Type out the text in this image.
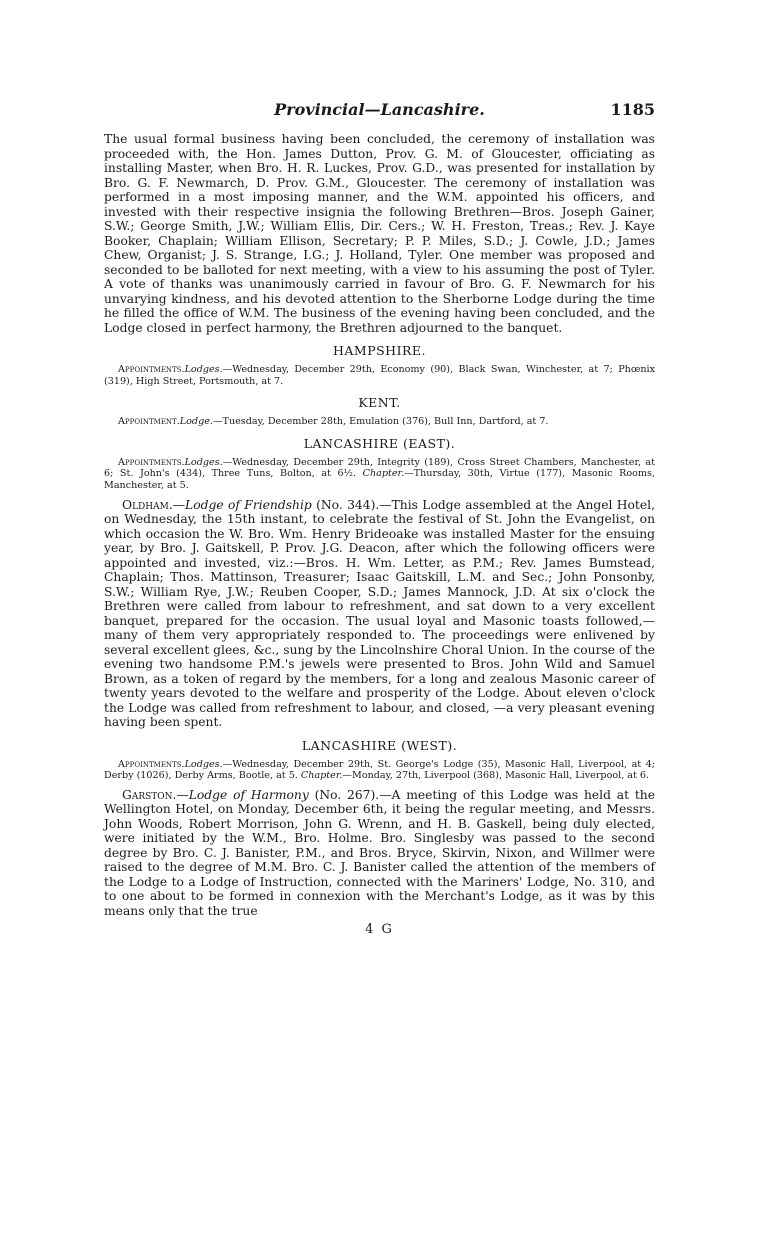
Provincial—Lancashire.	1185

The usual formal business having been concluded, the ceremony of installation was proceeded with, the Hon. James Dutton, Prov. G. M. of Gloucester, officiating as installing Master, when Bro. H. R. Luckes, Prov. G.D., was presented for installation by Bro. G. F. Newmarch, D. Prov. G.M., Gloucester. The ceremony of installation was performed in a most imposing manner, and the W.M. appointed his officers, and invested with their respective insignia the following Brethren—Bros. Joseph Gainer, S.W.; George Smith, J.W.; William Ellis, Dir. Cers.; W. H. Freston, Treas.; Rev. J. Kaye Booker, Chaplain; William Ellison, Secretary; P. P. Miles, S.D.; J. Cowle, J.D.; James Chew, Organist; J. S. Strange, I.G.; J. Holland, Tyler. One member was proposed and seconded to be balloted for next meeting, with a view to his assuming the post of Tyler. A vote of thanks was unanimously carried in favour of Bro. G. F. Newmarch for his unvarying kindness, and his devoted attention to the Sherborne Lodge during the time he filled the office of W.M. The business of the evening having been concluded, and the Lodge closed in perfect harmony, the Brethren adjourned to the banquet.

HAMPSHIRE.

Appointments.Lodges.—Wednesday, December 29th, Economy (90), Black Swan, Winchester, at 7; Phœnix (319), High Street, Portsmouth, at 7.

KENT.

Appointment.Lodge.—Tuesday, December 28th, Emulation (376), Bull Inn, Dartford, at 7.

LANCASHIRE (EAST).

Appointments.Lodges.—Wednesday, December 29th, Integrity (189), Cross Street Chambers, Manchester, at 6; St. John's (434), Three Tuns, Bolton, at 6½. Chapter.—Thursday, 30th, Virtue (177), Masonic Rooms, Manchester, at 5.

Oldham.—Lodge of Friendship (No. 344).—This Lodge assembled at the Angel Hotel, on Wednesday, the 15th instant, to celebrate the festival of St. John the Evangelist, on which occasion the W. Bro. Wm. Henry Brideoake was installed Master for the ensuing year, by Bro. J. Gaitskell, P. Prov. J.G. Deacon, after which the following officers were appointed and invested, viz.:—Bros. H. Wm. Letter, as P.M.; Rev. James Bumstead, Chaplain; Thos. Mattinson, Treasurer; Isaac Gaitskill, L.M. and Sec.; John Ponsonby, S.W.; William Rye, J.W.; Reuben Cooper, S.D.; James Mannock, J.D. At six o'clock the Brethren were called from labour to refreshment, and sat down to a very excellent banquet, prepared for the occasion. The usual loyal and Masonic toasts followed,—many of them very appropriately responded to. The proceedings were enlivened by several excellent glees, &c., sung by the Lincolnshire Choral Union. In the course of the evening two handsome P.M.'s jewels were presented to Bros. John Wild and Samuel Brown, as a token of regard by the members, for a long and zealous Masonic career of twenty years devoted to the welfare and prosperity of the Lodge. About eleven o'clock the Lodge was called from refreshment to labour, and closed, —a very pleasant evening having been spent.

LANCASHIRE (WEST).

Appointments.Lodges.—Wednesday, December 29th, St. George's Lodge (35), Masonic Hall, Liverpool, at 4; Derby (1026), Derby Arms, Bootle, at 5. Chapter.—Monday, 27th, Liverpool (368), Masonic Hall, Liverpool, at 6.

Garston.—Lodge of Harmony (No. 267).—A meeting of this Lodge was held at the Wellington Hotel, on Monday, December 6th, it being the regular meeting, and Messrs. John Woods, Robert Morrison, John G. Wrenn, and H. B. Gaskell, being duly elected, were initiated by the W.M., Bro. Holme. Bro. Singlesby was passed to the second degree by Bro. C. J. Banister, P.M., and Bros. Bryce, Skirvin, Nixon, and Willmer were raised to the degree of M.M. Bro. C. J. Banister called the attention of the members of the Lodge to a Lodge of Instruction, connected with the Mariners' Lodge, No. 310, and to one about to be formed in connexion with the Merchant's Lodge, as it was by this means only that the true

4 G
